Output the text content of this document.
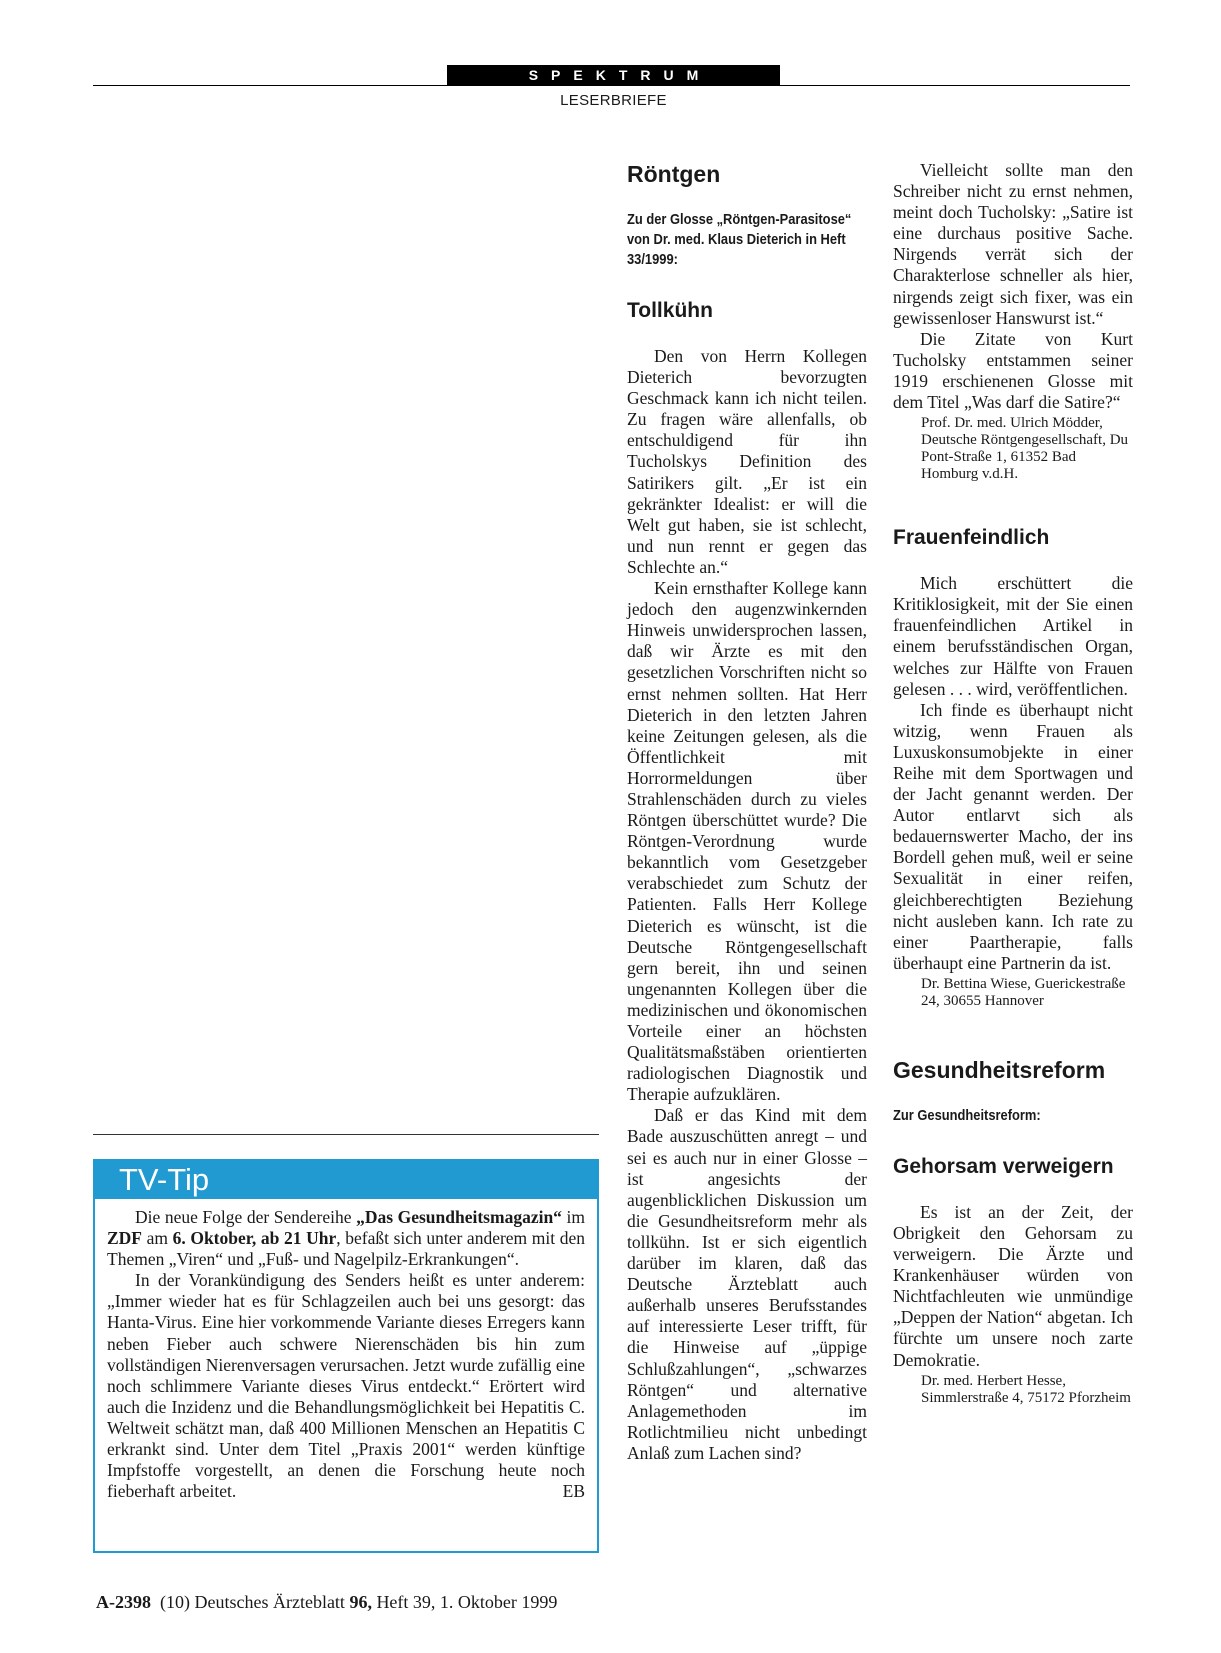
SPEKTRUM
LESERBRIEFE
Röntgen
Zu der Glosse „Röntgen-Parasitose“ von Dr. med. Klaus Dieterich in Heft 33/1999:
Tollkühn

Den von Herrn Kollegen Dieterich bevorzugten Geschmack kann ich nicht teilen. Zu fragen wäre allenfalls, ob entschuldigend für ihn Tucholskys Definition des Satirikers gilt. „Er ist ein gekränkter Idealist: er will die Welt gut haben, sie ist schlecht, und nun rennt er gegen das Schlechte an.“

Kein ernsthafter Kollege kann jedoch den augenzwinkernden Hinweis unwidersprochen lassen, daß wir Ärzte es mit den gesetzlichen Vorschriften nicht so ernst nehmen sollten. Hat Herr Dieterich in den letzten Jahren keine Zeitungen gelesen, als die Öffentlichkeit mit Horrormeldungen über Strahlenschäden durch zu vieles Röntgen überschüttet wurde? Die Röntgen-Verordnung wurde bekanntlich vom Gesetzgeber verabschiedet zum Schutz der Patienten. Falls Herr Kollege Dieterich es wünscht, ist die Deutsche Röntgengesellschaft gern bereit, ihn und seinen ungenannten Kollegen über die medizinischen und ökonomischen Vorteile einer an höchsten Qualitätsmaßstäben orientierten radiologischen Diagnostik und Therapie aufzuklären.

Daß er das Kind mit dem Bade auszuschütten anregt – und sei es auch nur in einer Glosse – ist angesichts der augenblicklichen Diskussion um die Gesundheitsreform mehr als tollkühn. Ist er sich eigentlich darüber im klaren, daß das Deutsche Ärzteblatt auch außerhalb unseres Berufsstandes auf interessierte Leser trifft, für die Hinweise auf „üppige Schlußzahlungen“, „schwarzes Röntgen“ und alternative Anlagemethoden im Rotlichtmilieu nicht unbedingt Anlaß zum Lachen sind?

Vielleicht sollte man den Schreiber nicht zu ernst nehmen, meint doch Tucholsky: „Satire ist eine durchaus positive Sache. Nirgends verrät sich der Charakterlose schneller als hier, nirgends zeigt sich fixer, was ein gewissenloser Hanswurst ist.“

Die Zitate von Kurt Tucholsky entstammen seiner 1919 erschienenen Glosse mit dem Titel „Was darf die Satire?“

Prof. Dr. med. Ulrich Mödder, Deutsche Röntgengesellschaft, Du Pont-Straße 1, 61352 Bad Homburg v.d.H.

Frauenfeindlich

Mich erschüttert die Kritiklosigkeit, mit der Sie einen frauenfeindlichen Artikel in einem berufsständischen Organ, welches zur Hälfte von Frauen gelesen . . . wird, veröffentlichen.

Ich finde es überhaupt nicht witzig, wenn Frauen als Luxuskonsumobjekte in einer Reihe mit dem Sportwagen und der Jacht genannt werden. Der Autor entlarvt sich als bedauernswerter Macho, der ins Bordell gehen muß, weil er seine Sexualität in einer reifen, gleichberechtigten Beziehung nicht ausleben kann. Ich rate zu einer Paartherapie, falls überhaupt eine Partnerin da ist.

Dr. Bettina Wiese, Guerickestraße 24, 30655 Hannover

Gesundheitsreform
Zur Gesundheitsreform:
Gehorsam verweigern

Es ist an der Zeit, der Obrigkeit den Gehorsam zu verweigern. Die Ärzte und Krankenhäuser würden von Nichtfachleuten wie unmündige „Deppen der Nation“ abgetan. Ich fürchte um unsere noch zarte Demokratie.

Dr. med. Herbert Hesse, Simmlerstraße 4, 75172 Pforzheim

TV-Tip

Die neue Folge der Sendereihe „Das Gesundheitsmagazin“ im ZDF am 6. Oktober, ab 21 Uhr, befaßt sich unter anderem mit den Themen „Viren“ und „Fuß- und Nagelpilz-Erkrankungen“.

In der Vorankündigung des Senders heißt es unter anderem: „Immer wieder hat es für Schlagzeilen auch bei uns gesorgt: das Hanta-Virus. Eine hier vorkommende Variante dieses Erregers kann neben Fieber auch schwere Nierenschäden bis hin zum vollständigen Nierenversagen verursachen. Jetzt wurde zufällig eine noch schlimmere Variante dieses Virus entdeckt.“ Erörtert wird auch die Inzidenz und die Behandlungsmöglichkeit bei Hepatitis C. Weltweit schätzt man, daß 400 Millionen Menschen an Hepatitis C erkrankt sind. Unter dem Titel „Praxis 2001“ werden künftige Impfstoffe vorgestellt, an denen die Forschung heute noch fieberhaft arbeitet.	EB

A-2398  (10) Deutsches Ärzteblatt 96, Heft 39, 1. Oktober 1999
